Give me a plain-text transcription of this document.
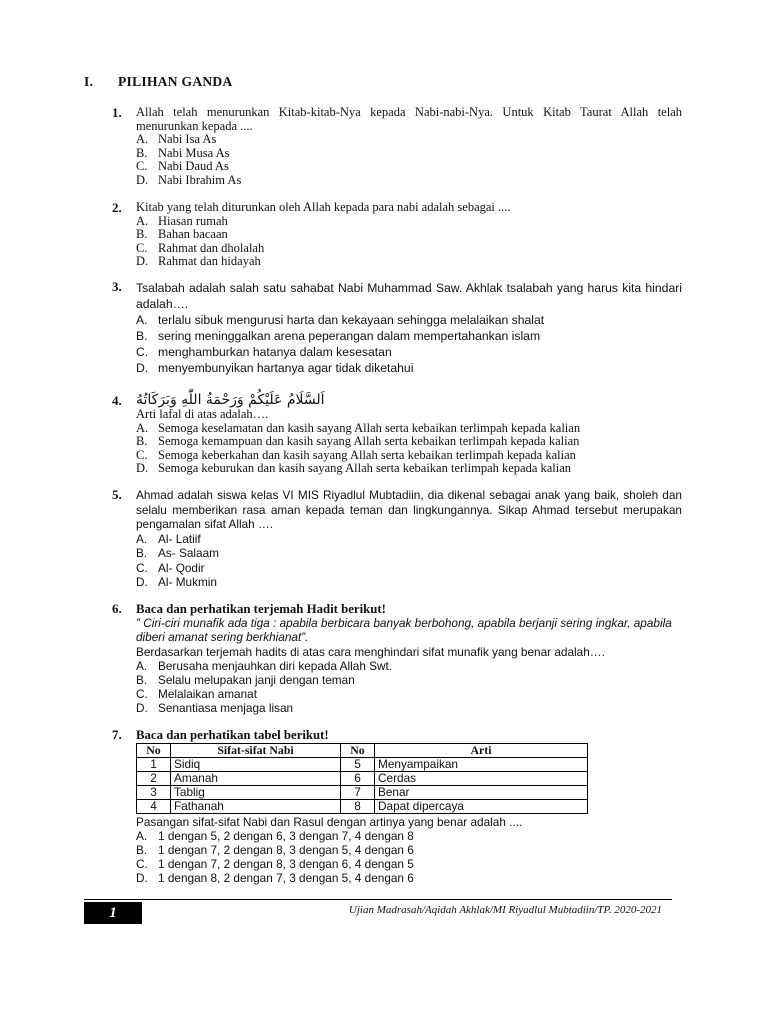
I. PILIHAN GANDA
1. Allah telah menurunkan Kitab-kitab-Nya kepada Nabi-nabi-Nya. Untuk Kitab Taurat Allah telah menurunkan kepada ....
A. Nabi Isa As
B. Nabi Musa As
C. Nabi Daud As
D. Nabi Ibrahim As
2. Kitab yang telah diturunkan oleh Allah kepada para nabi adalah sebagai ....
A. Hiasan rumah
B. Bahan bacaan
C. Rahmat dan dholalah
D. Rahmat dan hidayah
3. Tsalabah adalah salah satu sahabat Nabi Muhammad Saw. Akhlak tsalabah yang harus kita hindari adalah….
A. terlalu sibuk mengurusi harta dan kekayaan sehingga melalaikan shalat
B. sering meninggalkan arena peperangan dalam mempertahankan islam
C. menghamburkan hatanya dalam kesesatan
D. menyembunyikan hartanya agar tidak diketahui
4. اَلسَّلَامُ عَلَيْكُمْ وَرَحْمَةُ اللّٰهِ وَبَرَكَاتُهُ
Arti lafal di atas adalah….
A. Semoga keselamatan dan kasih sayang Allah serta kebaikan terlimpah kepada kalian
B. Semoga kemampuan dan kasih sayang Allah serta kebaikan terlimpah kepada kalian
C. Semoga keberkahan dan kasih sayang Allah serta kebaikan terlimpah kepada kalian
D. Semoga keburukan dan kasih sayang Allah serta kebaikan terlimpah kepada kalian
5. Ahmad adalah siswa kelas VI MIS Riyadlul Mubtadiin, dia dikenal sebagai anak yang baik, sholeh dan selalu memberikan rasa aman kepada teman dan lingkungannya. Sikap Ahmad tersebut merupakan pengamalan sifat Allah ….
A. Al- Latiif
B. As- Salaam
C. Al- Qodir
D. Al- Mukmin
6. Baca dan perhatikan terjemah Hadit berikut!
” Ciri-ciri munafik ada tiga : apabila berbicara banyak berbohong, apabila berjanji sering ingkar, apabila diberi amanat sering berkhianat”.
Berdasarkan terjemah hadits di atas cara menghindari sifat munafik yang benar adalah….
A. Berusaha menjauhkan diri kepada Allah Swt.
B. Selalu melupakan janji dengan teman
C. Melalaikan amanat
D. Senantiasa menjaga lisan
7. Baca dan perhatikan tabel berikut!
No	Sifat-sifat Nabi	No	Arti
1	Sidiq	5	Menyampaikan
2	Amanah	6	Cerdas
3	Tablig	7	Benar
4	Fathanah	8	Dapat dipercaya
Pasangan sifat-sifat Nabi dan Rasul dengan artinya yang benar adalah ....
A. 1 dengan 5, 2 dengan 6, 3 dengan 7, 4 dengan 8
B. 1 dengan 7, 2 dengan 8, 3 dengan 5, 4 dengan 6
C. 1 dengan 7, 2 dengan 8, 3 dengan 6, 4 dengan 5
D. 1 dengan 8, 2 dengan 7, 3 dengan 5, 4 dengan 6
1	Ujian Madrasah/Aqidah Akhlak/MI Riyadlul Mubtadiin/TP. 2020-2021
